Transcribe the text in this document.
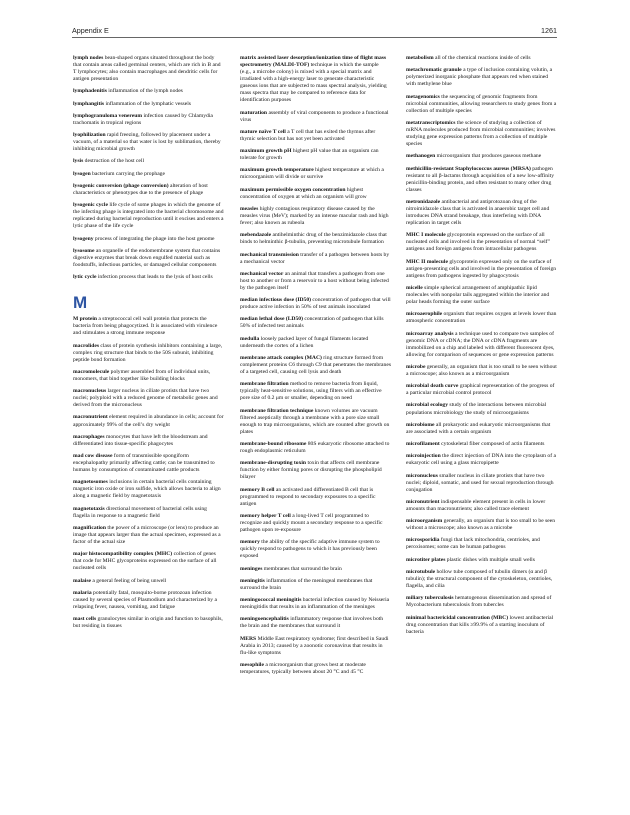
Appendix E	1261

lymph nodes bean-shaped organs situated throughout the body that contain areas called germinal centers, which are rich in B and T lymphocytes; also contain macrophages and dendritic cells for antigen presentation

lymphadenitis inflammation of the lymph nodes

lymphangitis inflammation of the lymphatic vessels

lymphogranuloma venereum infection caused by Chlamydia trachomatis in tropical regions

lyophilization rapid freezing, followed by placement under a vacuum, of a material so that water is lost by sublimation, thereby inhibiting microbial growth

lysis destruction of the host cell

lysogen bacterium carrying the prophage

lysogenic conversion (phage conversion) alteration of host characteristics or phenotypes due to the presence of phage

lysogenic cycle life cycle of some phages in which the genome of the infecting phage is integrated into the bacterial chromosome and replicated during bacterial reproduction until it excises and enters a lytic phase of the life cycle

lysogeny process of integrating the phage into the host genome

lysosome an organelle of the endomembrane system that contains digestive enzymes that break down engulfed material such as foodstuffs, infectious particles, or damaged cellular components

lytic cycle infection process that leads to the lysis of host cells

M

M protein a streptococcal cell wall protein that protects the bacteria from being phagocytized. It is associated with virulence and stimulates a strong immune response

macrolides class of protein synthesis inhibitors containing a large, complex ring structure that binds to the 50S subunit, inhibiting peptide bond formation

macromolecule polymer assembled from of individual units, monomers, that bind together like building blocks

macronucleus larger nucleus in ciliate protists that have two nuclei; polyploid with a reduced genome of metabolic genes and derived from the micronucleus

macronutrient element required in abundance in cells; account for approximately 99% of the cell’s dry weight

macrophages monocytes that have left the bloodstream and differentiated into tissue-specific phagocytes

mad cow disease form of transmissible spongiform encephalopathy primarily affecting cattle; can be transmitted to humans by consumption of contaminated cattle products

magnetosomes inclusions in certain bacterial cells containing magnetic iron oxide or iron sulfide, which allows bacteria to align along a magnetic field by magnetotaxis

magnetotaxis directional movement of bacterial cells using flagella in response to a magnetic field

magnification the power of a microscope (or lens) to produce an image that appears larger than the actual specimen, expressed as a factor of the actual size

major histocompatibility complex (MHC) collection of genes that code for MHC glycoproteins expressed on the surface of all nucleated cells

malaise a general feeling of being unwell

malaria potentially fatal, mosquito-borne protozoan infection caused by several species of Plasmodium and characterized by a relapsing fever, nausea, vomiting, and fatigue

mast cells granulocytes similar in origin and function to basophils, but residing in tissues

matrix assisted laser desorption/ionization time of flight mass spectrometry (MALDI-TOF) technique in which the sample (e.g., a microbe colony) is mixed with a special matrix and irradiated with a high-energy laser to generate characteristic gaseous ions that are subjected to mass spectral analysis, yielding mass spectra that may be compared to reference data for identification purposes

maturation assembly of viral components to produce a functional virus

mature naïve T cell a T cell that has exited the thymus after thymic selection but has not yet been activated

maximum growth pH highest pH value that an organism can tolerate for growth

maximum growth temperature highest temperature at which a microorganism will divide or survive

maximum permissible oxygen concentration highest concentration of oxygen at which an organism will grow

measles highly contagious respiratory disease caused by the measles virus (MeV); marked by an intense macular rash and high fever; also known as rubeola

mebendazole antihelminthic drug of the benzimidazole class that binds to helminthic β-tubulin, preventing microtubule formation

mechanical transmission transfer of a pathogen between hosts by a mechanical vector

mechanical vector an animal that transfers a pathogen from one host to another or from a reservoir to a host without being infected by the pathogen itself

median infectious dose (ID50) concentration of pathogen that will produce active infection in 50% of test animals inoculated

median lethal dose (LD50) concentration of pathogen that kills 50% of infected test animals

medulla loosely packed layer of fungal filaments located underneath the cortex of a lichen

membrane attack complex (MAC) ring structure formed from complement proteins C6 through C9 that penetrates the membranes of a targeted cell, causing cell lysis and death

membrane filtration method to remove bacteria from liquid, typically heat-sensitive solutions, using filters with an effective pore size of 0.2 μm or smaller, depending on need

membrane filtration technique known volumes are vacuum filtered aseptically through a membrane with a pore size small enough to trap microorganisms, which are counted after growth on plates

membrane-bound ribosome 80S eukaryotic ribosome attached to rough endoplasmic reticulum

membrane-disrupting toxin toxin that affects cell membrane function by either forming pores or disrupting the phospholipid bilayer

memory B cell an activated and differentiated B cell that is programmed to respond to secondary exposures to a specific antigen

memory helper T cell a long-lived T cell programmed to recognize and quickly mount a secondary response to a specific pathogen upon re-exposure

memory the ability of the specific adaptive immune system to quickly respond to pathogens to which it has previously been exposed

meninges membranes that surround the brain

meningitis inflammation of the meningeal membranes that surround the brain

meningococcal meningitis bacterial infection caused by Neisseria meningitidis that results in an inflammation of the meninges

meningoencephalitis inflammatory response that involves both the brain and the membranes that surround it

MERS Middle East respiratory syndrome; first described in Saudi Arabia in 2013; caused by a zoonotic coronavirus that results in flu-like symptoms

mesophile a microorganism that grows best at moderate temperatures, typically between about 20 °C and 45 °C

metabolism all of the chemical reactions inside of cells

metachromatic granule a type of inclusion containing volutin, a polymerized inorganic phosphate that appears red when stained with methylene blue

metagenomics the sequencing of genomic fragments from microbial communities, allowing researchers to study genes from a collection of multiple species

metatranscriptomics the science of studying a collection of mRNA molecules produced from microbial communities; involves studying gene expression patterns from a collection of multiple species

methanogen microorganism that produces gaseous methane

methicillin-resistant Staphylococcus aureus (MRSA) pathogen resistant to all β-lactams through acquisition of a new low-affinity penicillin-binding protein, and often resistant to many other drug classes

metronidazole antibacterial and antiprotozoan drug of the nitroimidazole class that is activated in anaerobic target cell and introduces DNA strand breakage, thus interfering with DNA replication in target cells

MHC I molecule glycoprotein expressed on the surface of all nucleated cells and involved in the presentation of normal “self” antigens and foreign antigens from intracellular pathogens

MHC II molecule glycoprotein expressed only on the surface of antigen-presenting cells and involved in the presentation of foreign antigens from pathogens ingested by phagocytosis

micelle simple spherical arrangement of amphipathic lipid molecules with nonpolar tails aggregated within the interior and polar heads forming the outer surface

microaerophile organism that requires oxygen at levels lower than atmospheric concentration

microarray analysis a technique used to compare two samples of genomic DNA or cDNA; the DNA or cDNA fragments are immobilized on a chip and labeled with different fluorescent dyes, allowing for comparison of sequences or gene expression patterns

microbe generally, an organism that is too small to be seen without a microscope; also known as a microorganism

microbial death curve graphical representation of the progress of a particular microbial control protocol

microbial ecology study of the interactions between microbial populations microbiology the study of microorganisms

microbiome all prokaryotic and eukaryotic microorganisms that are associated with a certain organism

microfilament cytoskeletal fiber composed of actin filaments

microinjection the direct injection of DNA into the cytoplasm of a eukaryotic cell using a glass micropipette

micronucleus smaller nucleus in ciliate protists that have two nuclei; diploid, somatic, and used for sexual reproduction through conjugation

micronutrient indispensable element present in cells in lower amounts than macronutrients; also called trace element

microorganism generally, an organism that is too small to be seen without a microscope; also known as a microbe

microsporidia fungi that lack mitochondria, centrioles, and peroxisomes; some can be human pathogens

microtiter plates plastic dishes with multiple small wells

microtubule hollow tube composed of tubulin dimers (α and β tubulin); the structural component of the cytoskeleton, centrioles, flagella, and cilia

miliary tuberculosis hematogenous dissemination and spread of Mycobacterium tuberculosis from tubercles

minimal bactericidal concentration (MBC) lowest antibacterial drug concentration that kills ≥99.9% of a starting inoculum of bacteria
